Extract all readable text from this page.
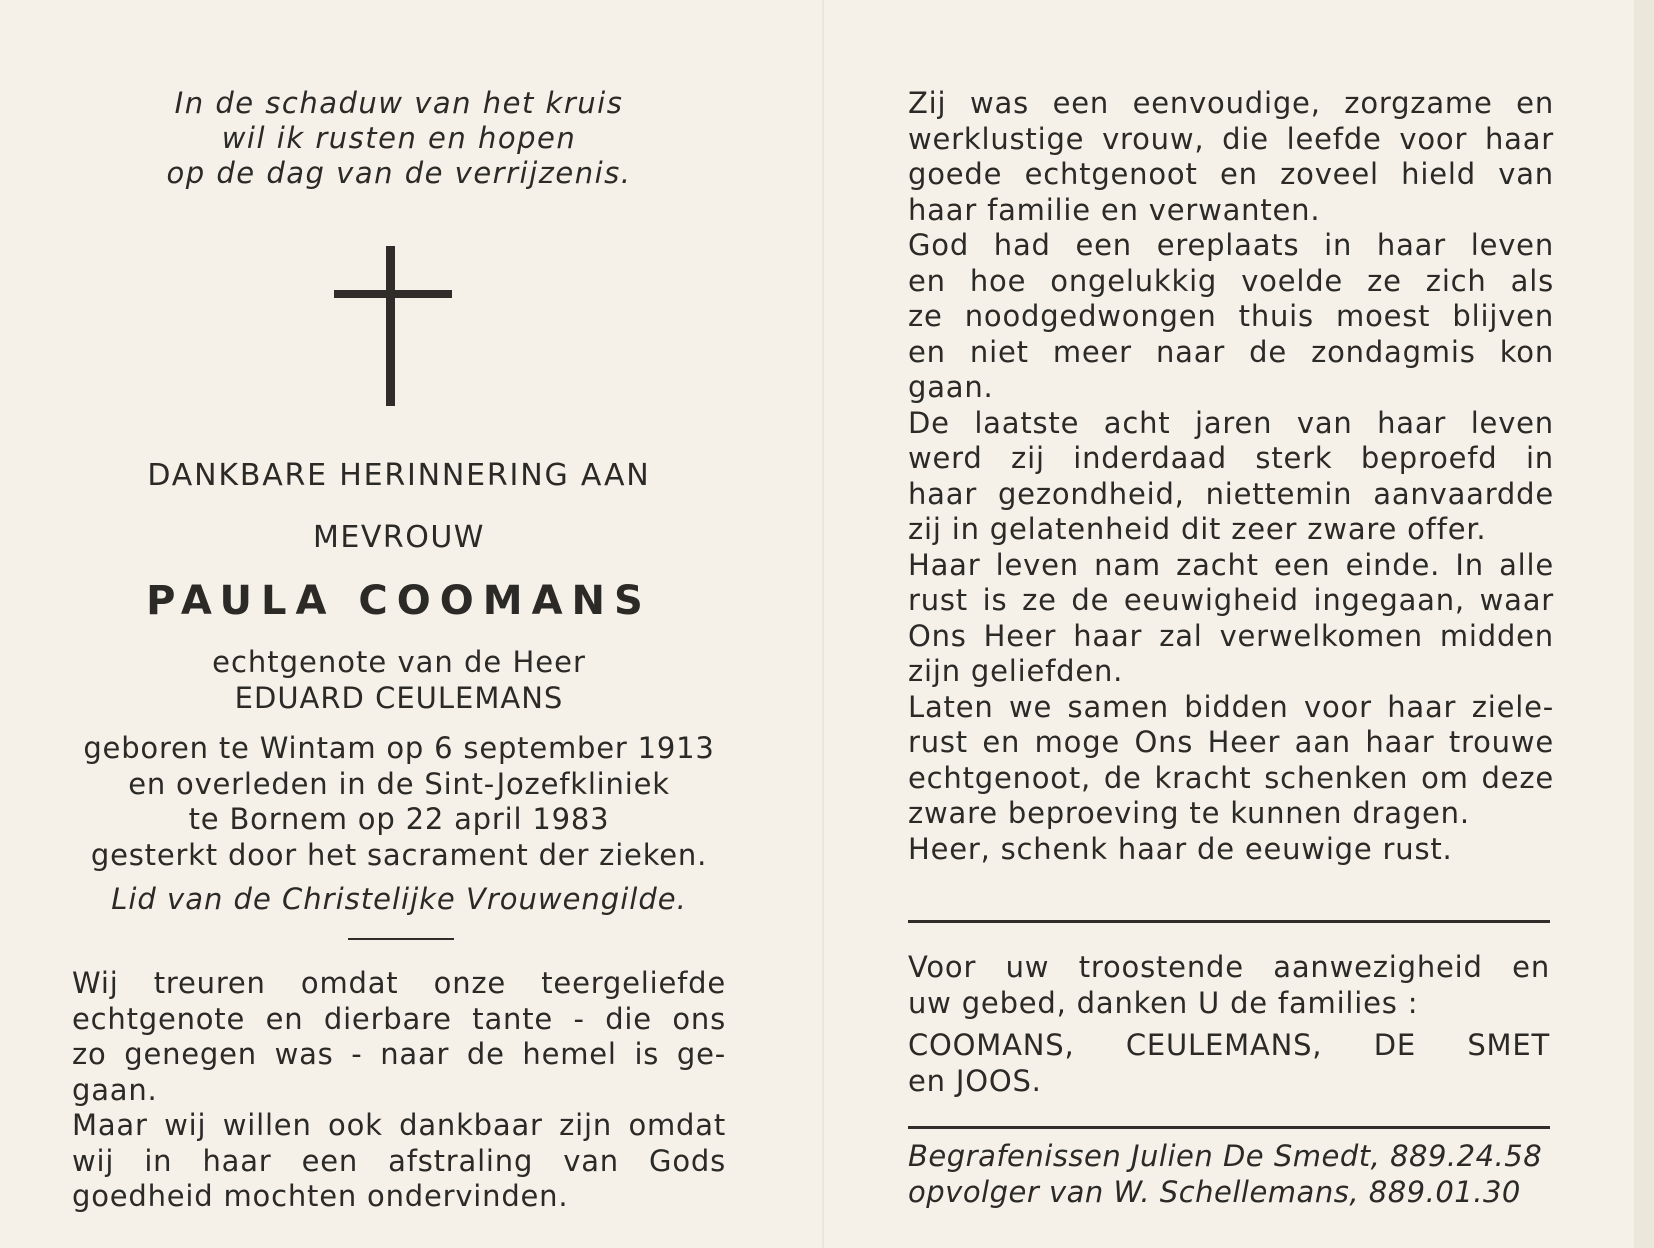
In de schaduw van het kruis
wil ik rusten en hopen
op de dag van de verrijzenis.
DANKBARE HERINNERING AAN
MEVROUW
PAULA COOMANS
echtgenote van de Heer
EDUARD CEULEMANS
geboren te Wintam op 6 september 1913
en overleden in de Sint-Jozefkliniek
te Bornem op 22 april 1983
gesterkt door het sacrament der zieken.
Lid van de Christelijke Vrouwengilde.
Wij treuren omdat onze teergeliefde
echtgenote en dierbare tante - die ons
zo genegen was - naar de hemel is ge-
gaan.
Maar wij willen ook dankbaar zijn omdat
wij in haar een afstraling van Gods
goedheid mochten ondervinden.
Zij was een eenvoudige, zorgzame en
werklustige vrouw, die leefde voor haar
goede echtgenoot en zoveel hield van
haar familie en verwanten.
God had een ereplaats in haar leven
en hoe ongelukkig voelde ze zich als
ze noodgedwongen thuis moest blijven
en niet meer naar de zondagmis kon
gaan.
De laatste acht jaren van haar leven
werd zij inderdaad sterk beproefd in
haar gezondheid, niettemin aanvaardde
zij in gelatenheid dit zeer zware offer.
Haar leven nam zacht een einde. In alle
rust is ze de eeuwigheid ingegaan, waar
Ons Heer haar zal verwelkomen midden
zijn geliefden.
Laten we samen bidden voor haar ziele-
rust en moge Ons Heer aan haar trouwe
echtgenoot, de kracht schenken om deze
zware beproeving te kunnen dragen.
Heer, schenk haar de eeuwige rust.
Voor uw troostende aanwezigheid en
uw gebed, danken U de families :
COOMANS, CEULEMANS, DE SMET
en JOOS.
Begrafenissen Julien De Smedt, 889.24.58
opvolger van W. Schellemans, 889.01.30
